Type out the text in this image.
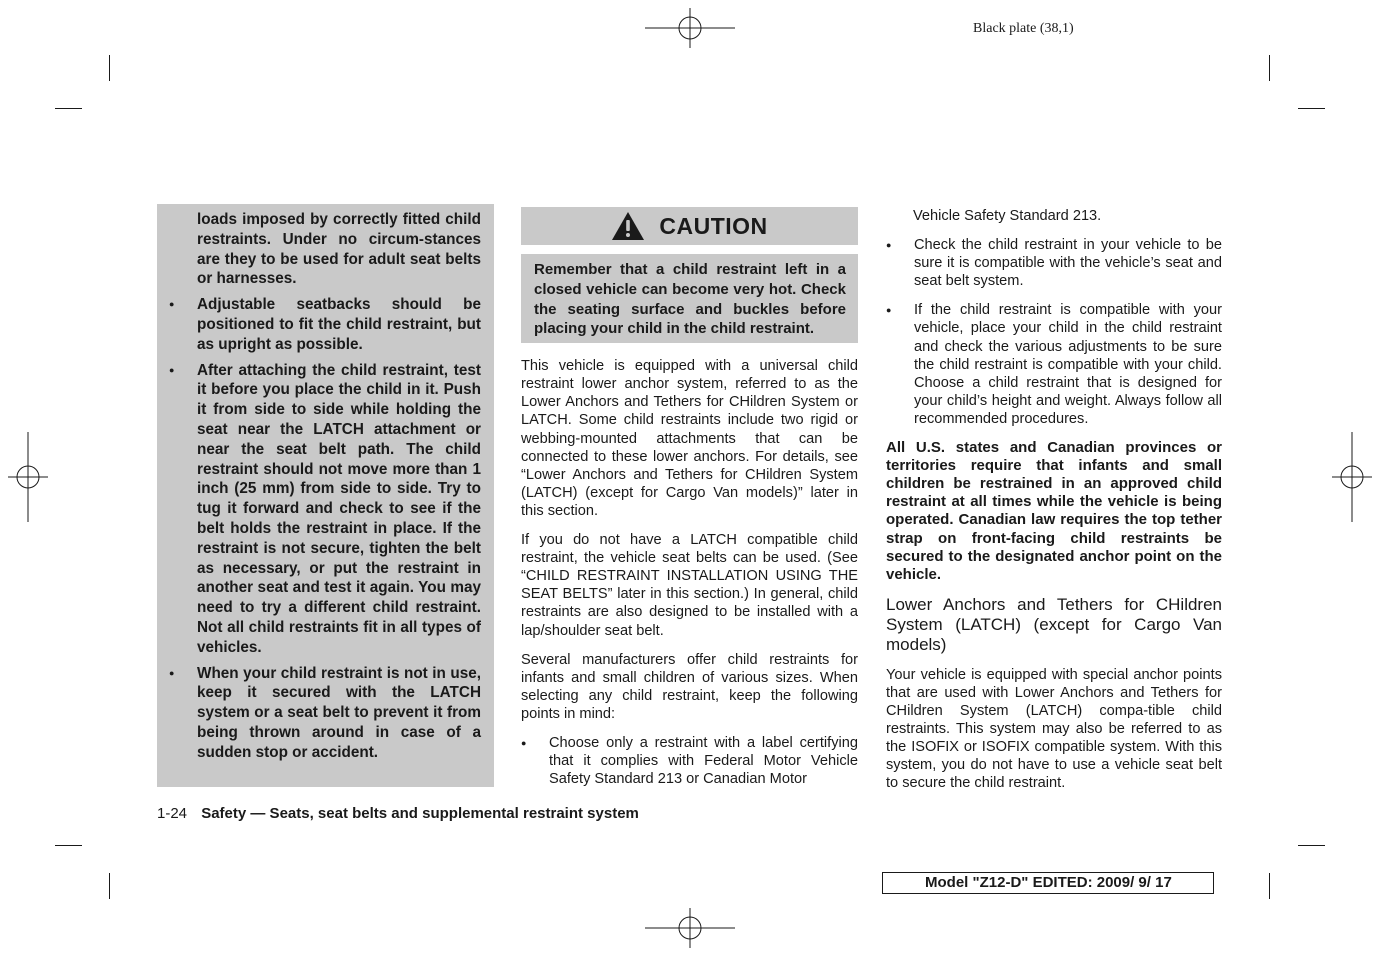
Black plate (38,1)

loads imposed by correctly fitted child restraints. Under no circum-stances are they to be used for adult seat belts or harnesses.

● Adjustable seatbacks should be positioned to fit the child restraint, but as upright as possible.
● After attaching the child restraint, test it before you place the child in it. Push it from side to side while holding the seat near the LATCH attachment or near the seat belt path. The child restraint should not move more than 1 inch (25 mm) from side to side. Try to tug it forward and check to see if the belt holds the restraint in place. If the restraint is not secure, tighten the belt as necessary, or put the restraint in another seat and test it again. You may need to try a different child restraint. Not all child restraints fit in all types of vehicles.
● When your child restraint is not in use, keep it secured with the LATCH system or a seat belt to prevent it from being thrown around in case of a sudden stop or accident.
CAUTION
Remember that a child restraint left in a closed vehicle can become very hot. Check the seating surface and buckles before placing your child in the child restraint.

This vehicle is equipped with a universal child restraint lower anchor system, referred to as the Lower Anchors and Tethers for CHildren System or LATCH. Some child restraints include two rigid or webbing-mounted attachments that can be connected to these lower anchors. For details, see “Lower Anchors and Tethers for CHildren System (LATCH) (except for Cargo Van models)” later in this section.

If you do not have a LATCH compatible child restraint, the vehicle seat belts can be used. (See “CHILD RESTRAINT INSTALLATION USING THE SEAT BELTS” later in this section.) In general, child restraints are also designed to be installed with a lap/shoulder seat belt.

Several manufacturers offer child restraints for infants and small children of various sizes. When selecting any child restraint, keep the following points in mind:

● Choose only a restraint with a label certifying that it complies with Federal Motor Vehicle Safety Standard 213 or Canadian Motor

Vehicle Safety Standard 213.

● Check the child restraint in your vehicle to be sure it is compatible with the vehicle’s seat and seat belt system.
● If the child restraint is compatible with your vehicle, place your child in the child restraint and check the various adjustments to be sure the child restraint is compatible with your child. Choose a child restraint that is designed for your child’s height and weight. Always follow all recommended procedures.

All U.S. states and Canadian provinces or territories require that infants and small children be restrained in an approved child restraint at all times while the vehicle is being operated. Canadian law requires the top tether strap on front-facing child restraints be secured to the designated anchor point on the vehicle.

Lower Anchors and Tethers for CHildren System (LATCH) (except for Cargo Van models)

Your vehicle is equipped with special anchor points that are used with Lower Anchors and Tethers for CHildren System (LATCH) compa-tible child restraints. This system may also be referred to as the ISOFIX or ISOFIX compatible system. With this system, you do not have to use a vehicle seat belt to secure the child restraint.

1-24 Safety — Seats, seat belts and supplemental restraint system
Model "Z12-D" EDITED: 2009/ 9/ 17
